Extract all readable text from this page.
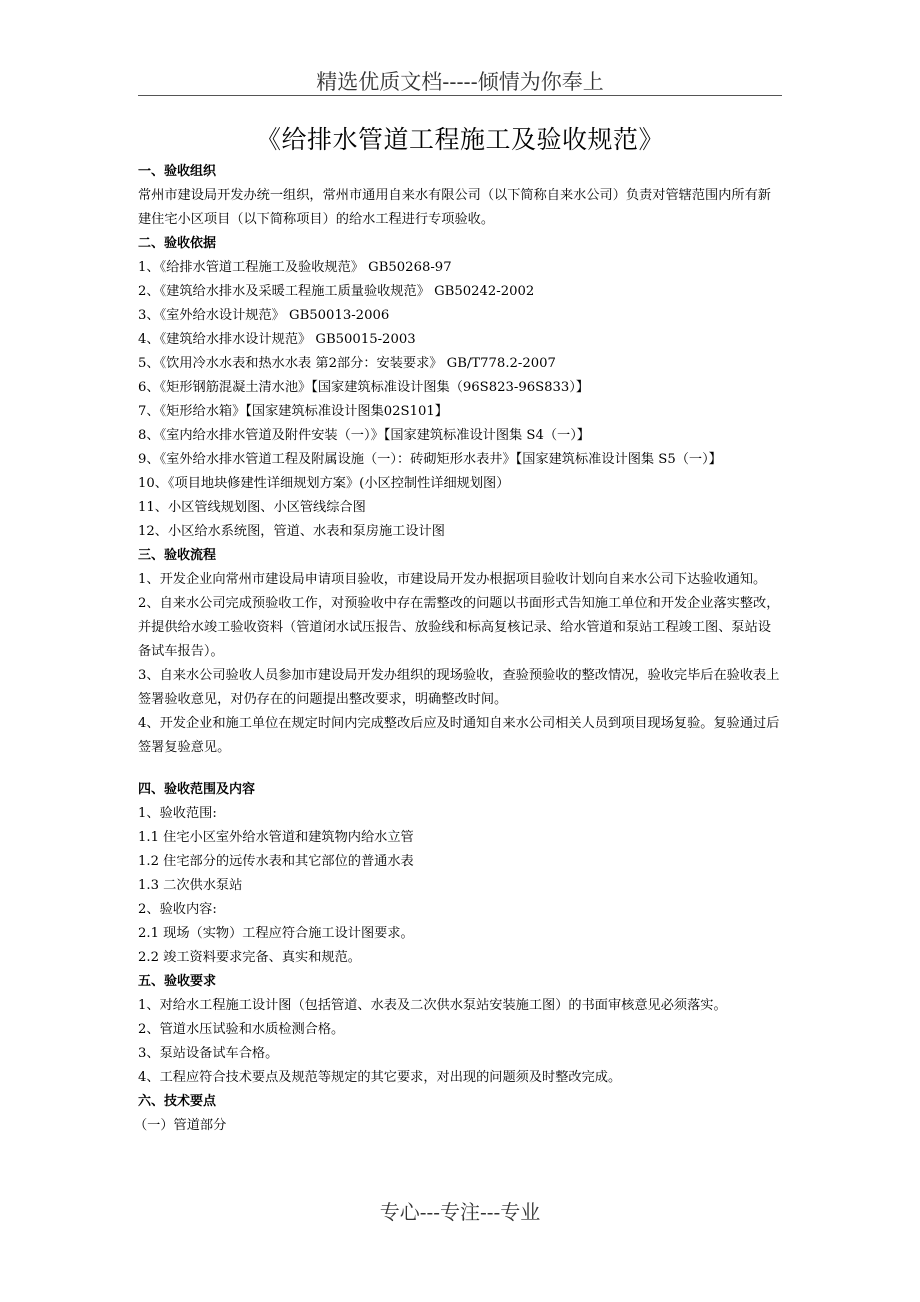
精选优质文档-----倾情为你奉上
《给排水管道工程施工及验收规范》
一、验收组织
常州市建设局开发办统一组织，常州市通用自来水有限公司（以下简称自来水公司）负责对管辖范围内所有新建住宅小区项目（以下简称项目）的给水工程进行专项验收。
二、验收依据
1、《给排水管道工程施工及验收规范》 GB50268-97
2、《建筑给水排水及采暖工程施工质量验收规范》 GB50242-2002
3、《室外给水设计规范》 GB50013-2006
4、《建筑给水排水设计规范》 GB50015-2003
5、《饮用冷水水表和热水水表 第2部分：安装要求》 GB/T778.2-2007
6、《矩形钢筋混凝土清水池》【国家建筑标准设计图集（96S823-96S833）】
7、《矩形给水箱》【国家建筑标准设计图集02S101】
8、《室内给水排水管道及附件安装（一）》【国家建筑标准设计图集 S4（一）】
9、《室外给水排水管道工程及附属设施（一）：砖砌矩形水表井》【国家建筑标准设计图集 S5（一）】
10、《项目地块修建性详细规划方案》(小区控制性详细规划图）
11、小区管线规划图、小区管线综合图
12、小区给水系统图，管道、水表和泵房施工设计图
三、验收流程
1、开发企业向常州市建设局申请项目验收，市建设局开发办根据项目验收计划向自来水公司下达验收通知。
2、自来水公司完成预验收工作，对预验收中存在需整改的问题以书面形式告知施工单位和开发企业落实整改，并提供给水竣工验收资料（管道闭水试压报告、放验线和标高复核记录、给水管道和泵站工程竣工图、泵站设备试车报告）。
3、自来水公司验收人员参加市建设局开发办组织的现场验收，查验预验收的整改情况，验收完毕后在验收表上签署验收意见，对仍存在的问题提出整改要求，明确整改时间。
4、开发企业和施工单位在规定时间内完成整改后应及时通知自来水公司相关人员到项目现场复验。复验通过后签署复验意见。
四、验收范围及内容
1、验收范围:
1.1 住宅小区室外给水管道和建筑物内给水立管
1.2 住宅部分的远传水表和其它部位的普通水表
1.3 二次供水泵站
2、验收内容:
2.1 现场（实物）工程应符合施工设计图要求。
2.2 竣工资料要求完备、真实和规范。
五、验收要求
1、对给水工程施工设计图（包括管道、水表及二次供水泵站安装施工图）的书面审核意见必须落实。
2、管道水压试验和水质检测合格。
3、泵站设备试车合格。
4、工程应符合技术要点及规范等规定的其它要求，对出现的问题须及时整改完成。
六、技术要点
（一）管道部分
专心---专注---专业
